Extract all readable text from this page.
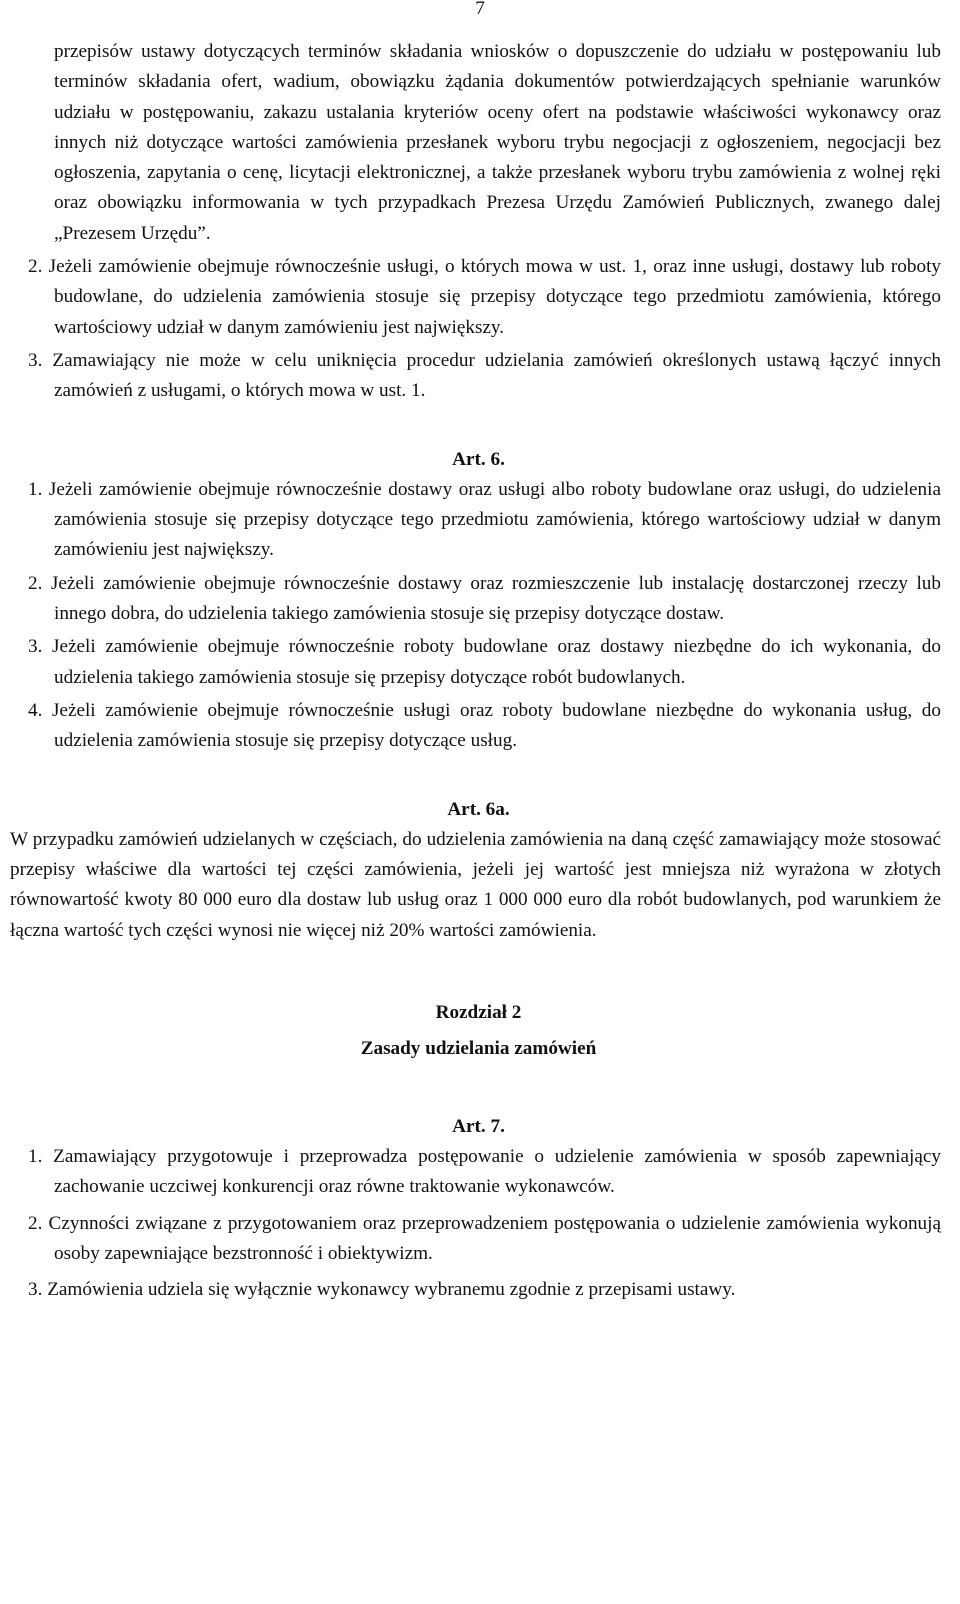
7

przepisów ustawy dotyczących terminów składania wniosków o dopuszczenie do udziału w postępowaniu lub terminów składania ofert, wadium, obowiązku żądania dokumentów potwierdzających spełnianie warunków udziału w postępowaniu, zakazu ustalania kryteriów oceny ofert na podstawie właściwości wykonawcy oraz innych niż dotyczące wartości zamówienia przesłanek wyboru trybu negocjacji z ogłoszeniem, negocjacji bez ogłoszenia, zapytania o cenę, licytacji elektronicznej, a także przesłanek wyboru trybu zamówienia z wolnej ręki oraz obowiązku informowania w tych przypadkach Prezesa Urzędu Zamówień Publicznych, zwanego dalej „Prezesem Urzędu”.

2. Jeżeli zamówienie obejmuje równocześnie usługi, o których mowa w ust. 1, oraz inne usługi, dostawy lub roboty budowlane, do udzielenia zamówienia stosuje się przepisy dotyczące tego przedmiotu zamówienia, którego wartościowy udział w danym zamówieniu jest największy.

3. Zamawiający nie może w celu uniknięcia procedur udzielania zamówień określonych ustawą łączyć innych zamówień z usługami, o których mowa w ust. 1.

Art. 6.

1. Jeżeli zamówienie obejmuje równocześnie dostawy oraz usługi albo roboty budowlane oraz usługi, do udzielenia zamówienia stosuje się przepisy dotyczące tego przedmiotu zamówienia, którego wartościowy udział w danym zamówieniu jest największy.

2. Jeżeli zamówienie obejmuje równocześnie dostawy oraz rozmieszczenie lub instalację dostarczonej rzeczy lub innego dobra, do udzielenia takiego zamówienia stosuje się przepisy dotyczące dostaw.

3. Jeżeli zamówienie obejmuje równocześnie roboty budowlane oraz dostawy niezbędne do ich wykonania, do udzielenia takiego zamówienia stosuje się przepisy dotyczące robót budowlanych.

4. Jeżeli zamówienie obejmuje równocześnie usługi oraz roboty budowlane niezbędne do wykonania usług, do udzielenia zamówienia stosuje się przepisy dotyczące usług.

Art. 6a.

W przypadku zamówień udzielanych w częściach, do udzielenia zamówienia na daną część zamawiający może stosować przepisy właściwe dla wartości tej części zamówienia, jeżeli jej wartość jest mniejsza niż wyrażona w złotych równowartość kwoty 80 000 euro dla dostaw lub usług oraz 1 000 000 euro dla robót budowlanych, pod warunkiem że łączna wartość tych części wynosi nie więcej niż 20% wartości zamówienia.

Rozdział 2

Zasady udzielania zamówień

Art. 7.

1. Zamawiający przygotowuje i przeprowadza postępowanie o udzielenie zamówienia w sposób zapewniający zachowanie uczciwej konkurencji oraz równe traktowanie wykonawców.

2. Czynności związane z przygotowaniem oraz przeprowadzeniem postępowania o udzielenie zamówienia wykonują osoby zapewniające bezstronność i obiektywizm.

3. Zamówienia udziela się wyłącznie wykonawcy wybranemu zgodnie z przepisami ustawy.
